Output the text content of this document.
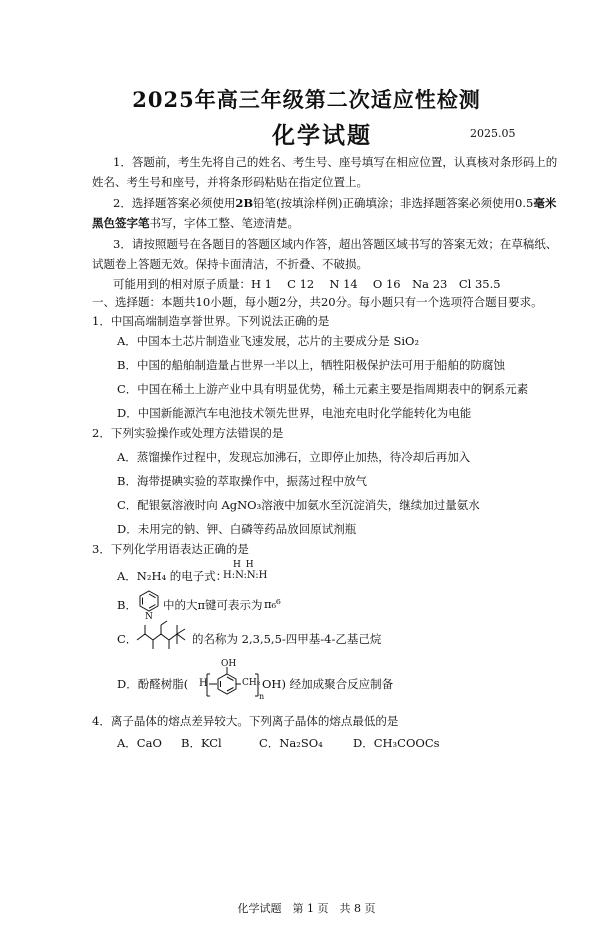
2025年高三年级第二次适应性检测
化学试题	2025.05
1．答题前，考生先将自己的姓名、考生号、座号填写在相应位置，认真核对条形码上的
姓名、考生号和座号，并将条形码粘贴在指定位置上。
2．选择题答案必须使用2B铅笔(按填涂样例)正确填涂；非选择题答案必须使用0.5毫米
黑色签字笔书写，字体工整、笔迹清楚。
3．请按照题号在各题目的答题区域内作答，超出答题区域书写的答案无效；在草稿纸、
试题卷上答题无效。保持卡面清洁，不折叠、不破损。
可能用到的相对原子质量：H 1　 C 12　 N 14　 O 16　Na 23　Cl 35.5
一、选择题：本题共10小题，每小题2分，共20分。每小题只有一个选项符合题目要求。
1．中国高端制造享誉世界。下列说法正确的是
A．中国本土芯片制造业飞速发展，芯片的主要成分是 SiO₂
B．中国的船舶制造量占世界一半以上，牺牲阳极保护法可用于船舶的防腐蚀
C．中国在稀土上游产业中具有明显优势，稀土元素主要是指周期表中的锕系元素
D．中国新能源汽车电池技术领先世界，电池充电时化学能转化为电能
2．下列实验操作或处理方法错误的是
A．蒸馏操作过程中，发现忘加沸石，立即停止加热，待冷却后再加入
B．海带提碘实验的萃取操作中，振荡过程中放气
C．配银氨溶液时向 AgNO₃溶液中加氨水至沉淀消失，继续加过量氨水
D．未用完的钠、钾、白磷等药品放回原试剂瓶
3．下列化学用语表达正确的是
A．N₂H₄ 的电子式：
H H
H:N:N:H
B．
N
中的大π键可表示为 π₆⁶
C．	的名称为 2,3,5,5-四甲基-4-乙基己烷
D．酚醛树脂( H
OH
CH₂
n
OH) 经加成聚合反应制备
4．离子晶体的熔点差异较大。下列离子晶体的熔点最低的是
A．CaO B．KCl	C．Na₂SO₄	D．CH₃COOCs
化学试题　第 1 页　共 8 页
